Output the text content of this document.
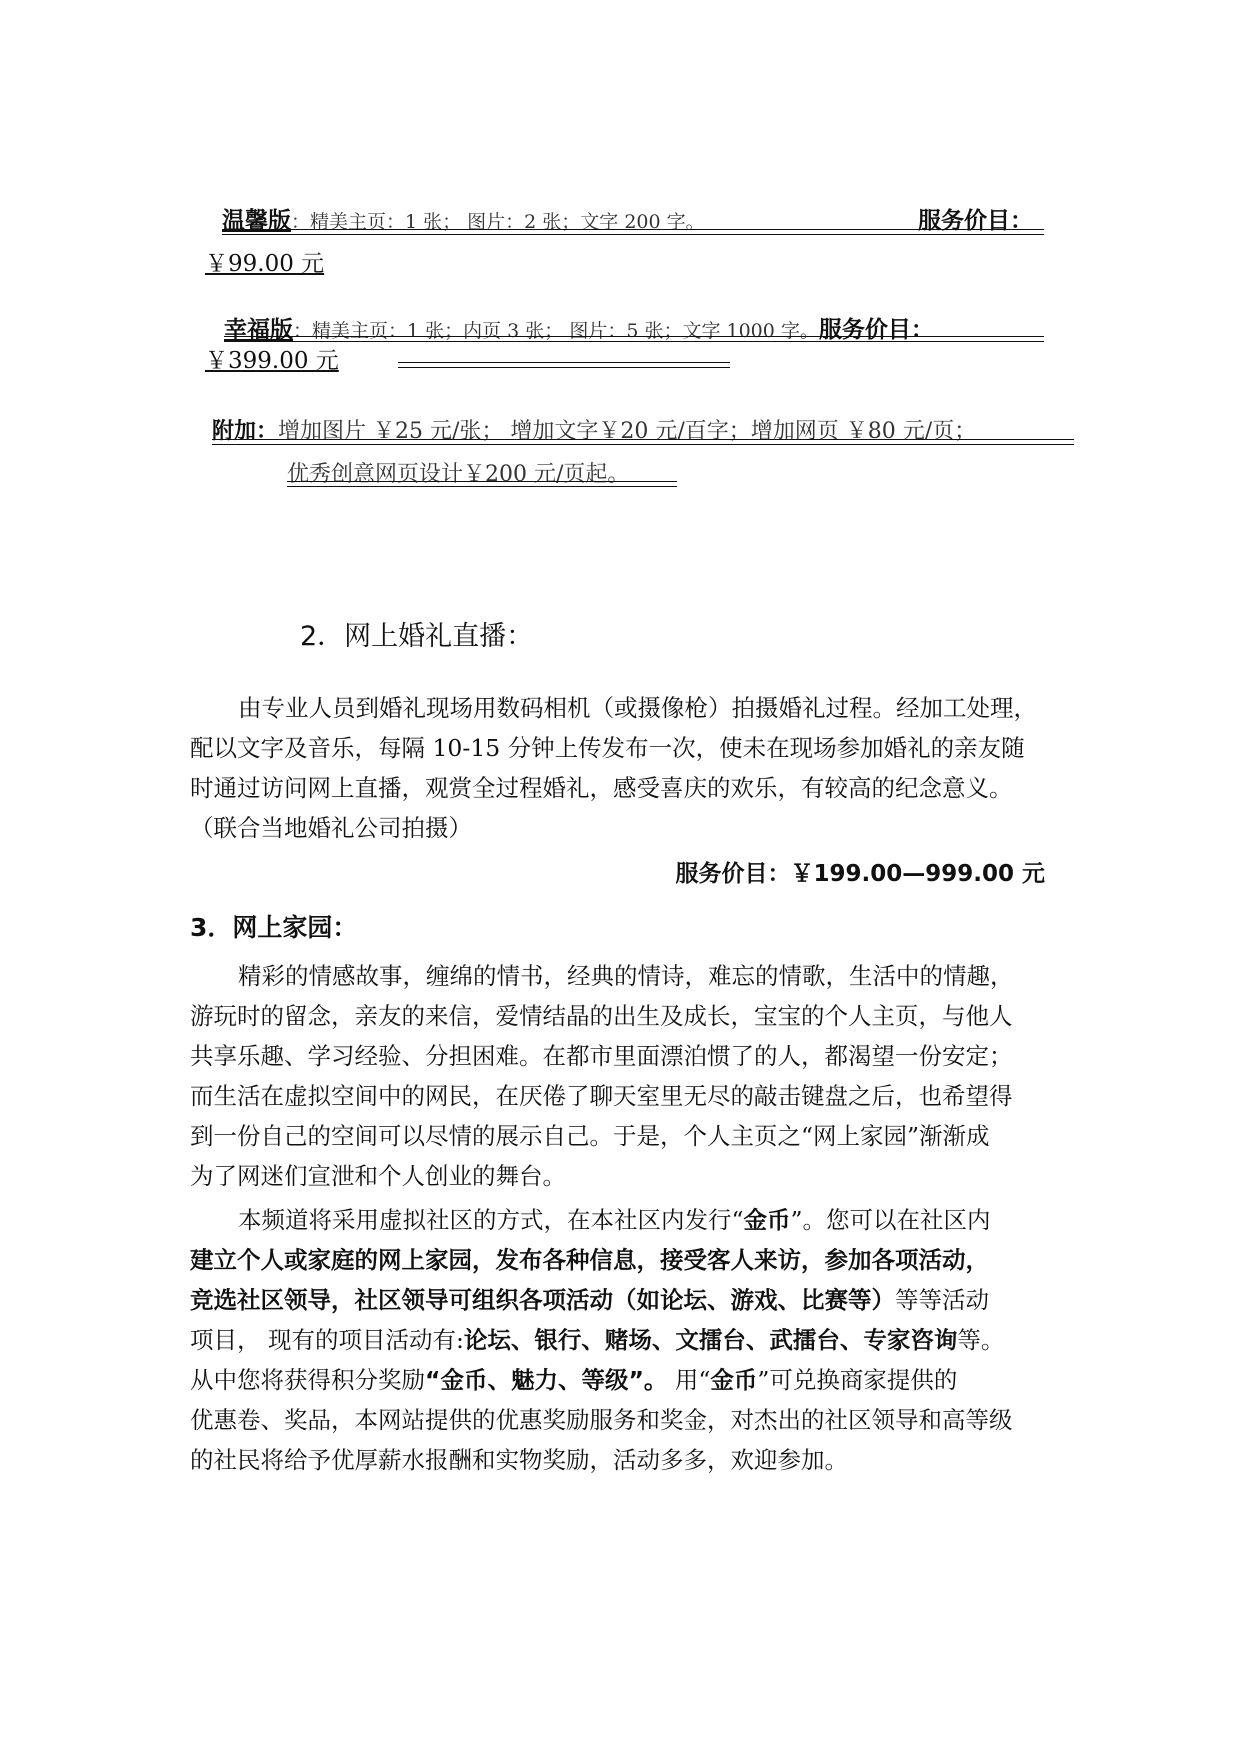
温馨版：精美主页：1 张； 图片：2 张；文字 200 字。	服务价目：
￥99.00 元
幸福版：精美主页：1 张；内页 3 张； 图片：5 张；文字 1000 字。服务价目：
￥399.00 元
附加：增加图片 ￥25 元/张； 增加文字￥20 元/百字；增加网页 ￥80 元/页；
优秀创意网页设计￥200 元/页起。
2．网上婚礼直播：
由专业人员到婚礼现场用数码相机（或摄像枪）拍摄婚礼过程。经加工处理，
配以文字及音乐，每隔 10-15 分钟上传发布一次，使未在现场参加婚礼的亲友随
时通过访问网上直播，观赏全过程婚礼，感受喜庆的欢乐，有较高的纪念意义。
（联合当地婚礼公司拍摄）
服务价目：￥199.00—999.00 元
3．网上家园：
精彩的情感故事，缠绵的情书，经典的情诗，难忘的情歌，生活中的情趣，
游玩时的留念，亲友的来信，爱情结晶的出生及成长，宝宝的个人主页，与他人
共享乐趣、学习经验、分担困难。在都市里面漂泊惯了的人，都渴望一份安定；
而生活在虚拟空间中的网民，在厌倦了聊天室里无尽的敲击键盘之后，也希望得
到一份自己的空间可以尽情的展示自己。于是，个人主页之“网上家园”渐渐成
为了网迷们宣泄和个人创业的舞台。
本频道将采用虚拟社区的方式，在本社区内发行“金币”。您可以在社区内
建立个人或家庭的网上家园，发布各种信息，接受客人来访，参加各项活动，
竞选社区领导，社区领导可组织各项活动（如论坛、游戏、比赛等）等等活动
项目， 现有的项目活动有:论坛、银行、赌场、文擂台、武擂台、专家咨询等。
从中您将获得积分奖励“金币、魅力、等级”。 用“金币”可兑换商家提供的
优惠卷、奖品，本网站提供的优惠奖励服务和奖金，对杰出的社区领导和高等级
的社民将给予优厚薪水报酬和实物奖励，活动多多，欢迎参加。
